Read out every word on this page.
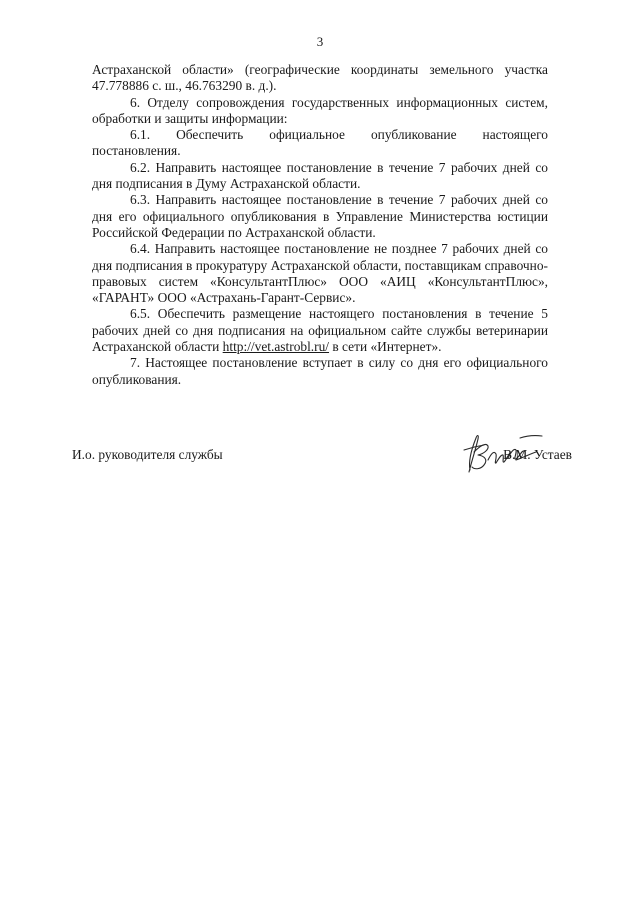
3

Астраханской области» (географические координаты земельного участка 47.778886 с. ш., 46.763290 в. д.).

6. Отделу сопровождения государственных информационных систем, обработки и защиты информации:

6.1. Обеспечить официальное опубликование настоящего постановления.

6.2. Направить настоящее постановление в течение 7 рабочих дней со дня подписания в Думу Астраханской области.

6.3. Направить настоящее постановление в течение 7 рабочих дней со дня его официального опубликования в Управление Министерства юстиции Российской Федерации по Астраханской области.

6.4. Направить настоящее постановление не позднее 7 рабочих дней со дня подписания в прокуратуру Астраханской области, поставщикам справочно-правовых систем «КонсультантПлюс» ООО «АИЦ «КонсультантПлюс», «ГАРАНТ» ООО «Астрахань-Гарант-Сервис».

6.5. Обеспечить размещение настоящего постановления в течение 5 рабочих дней со дня подписания на официальном сайте службы ветеринарии Астраханской области http://vet.astrobl.ru/ в сети «Интернет».

7. Настоящее постановление вступает в силу со дня его официального опубликования.

И.о. руководителя службы	В.М. Устаев
